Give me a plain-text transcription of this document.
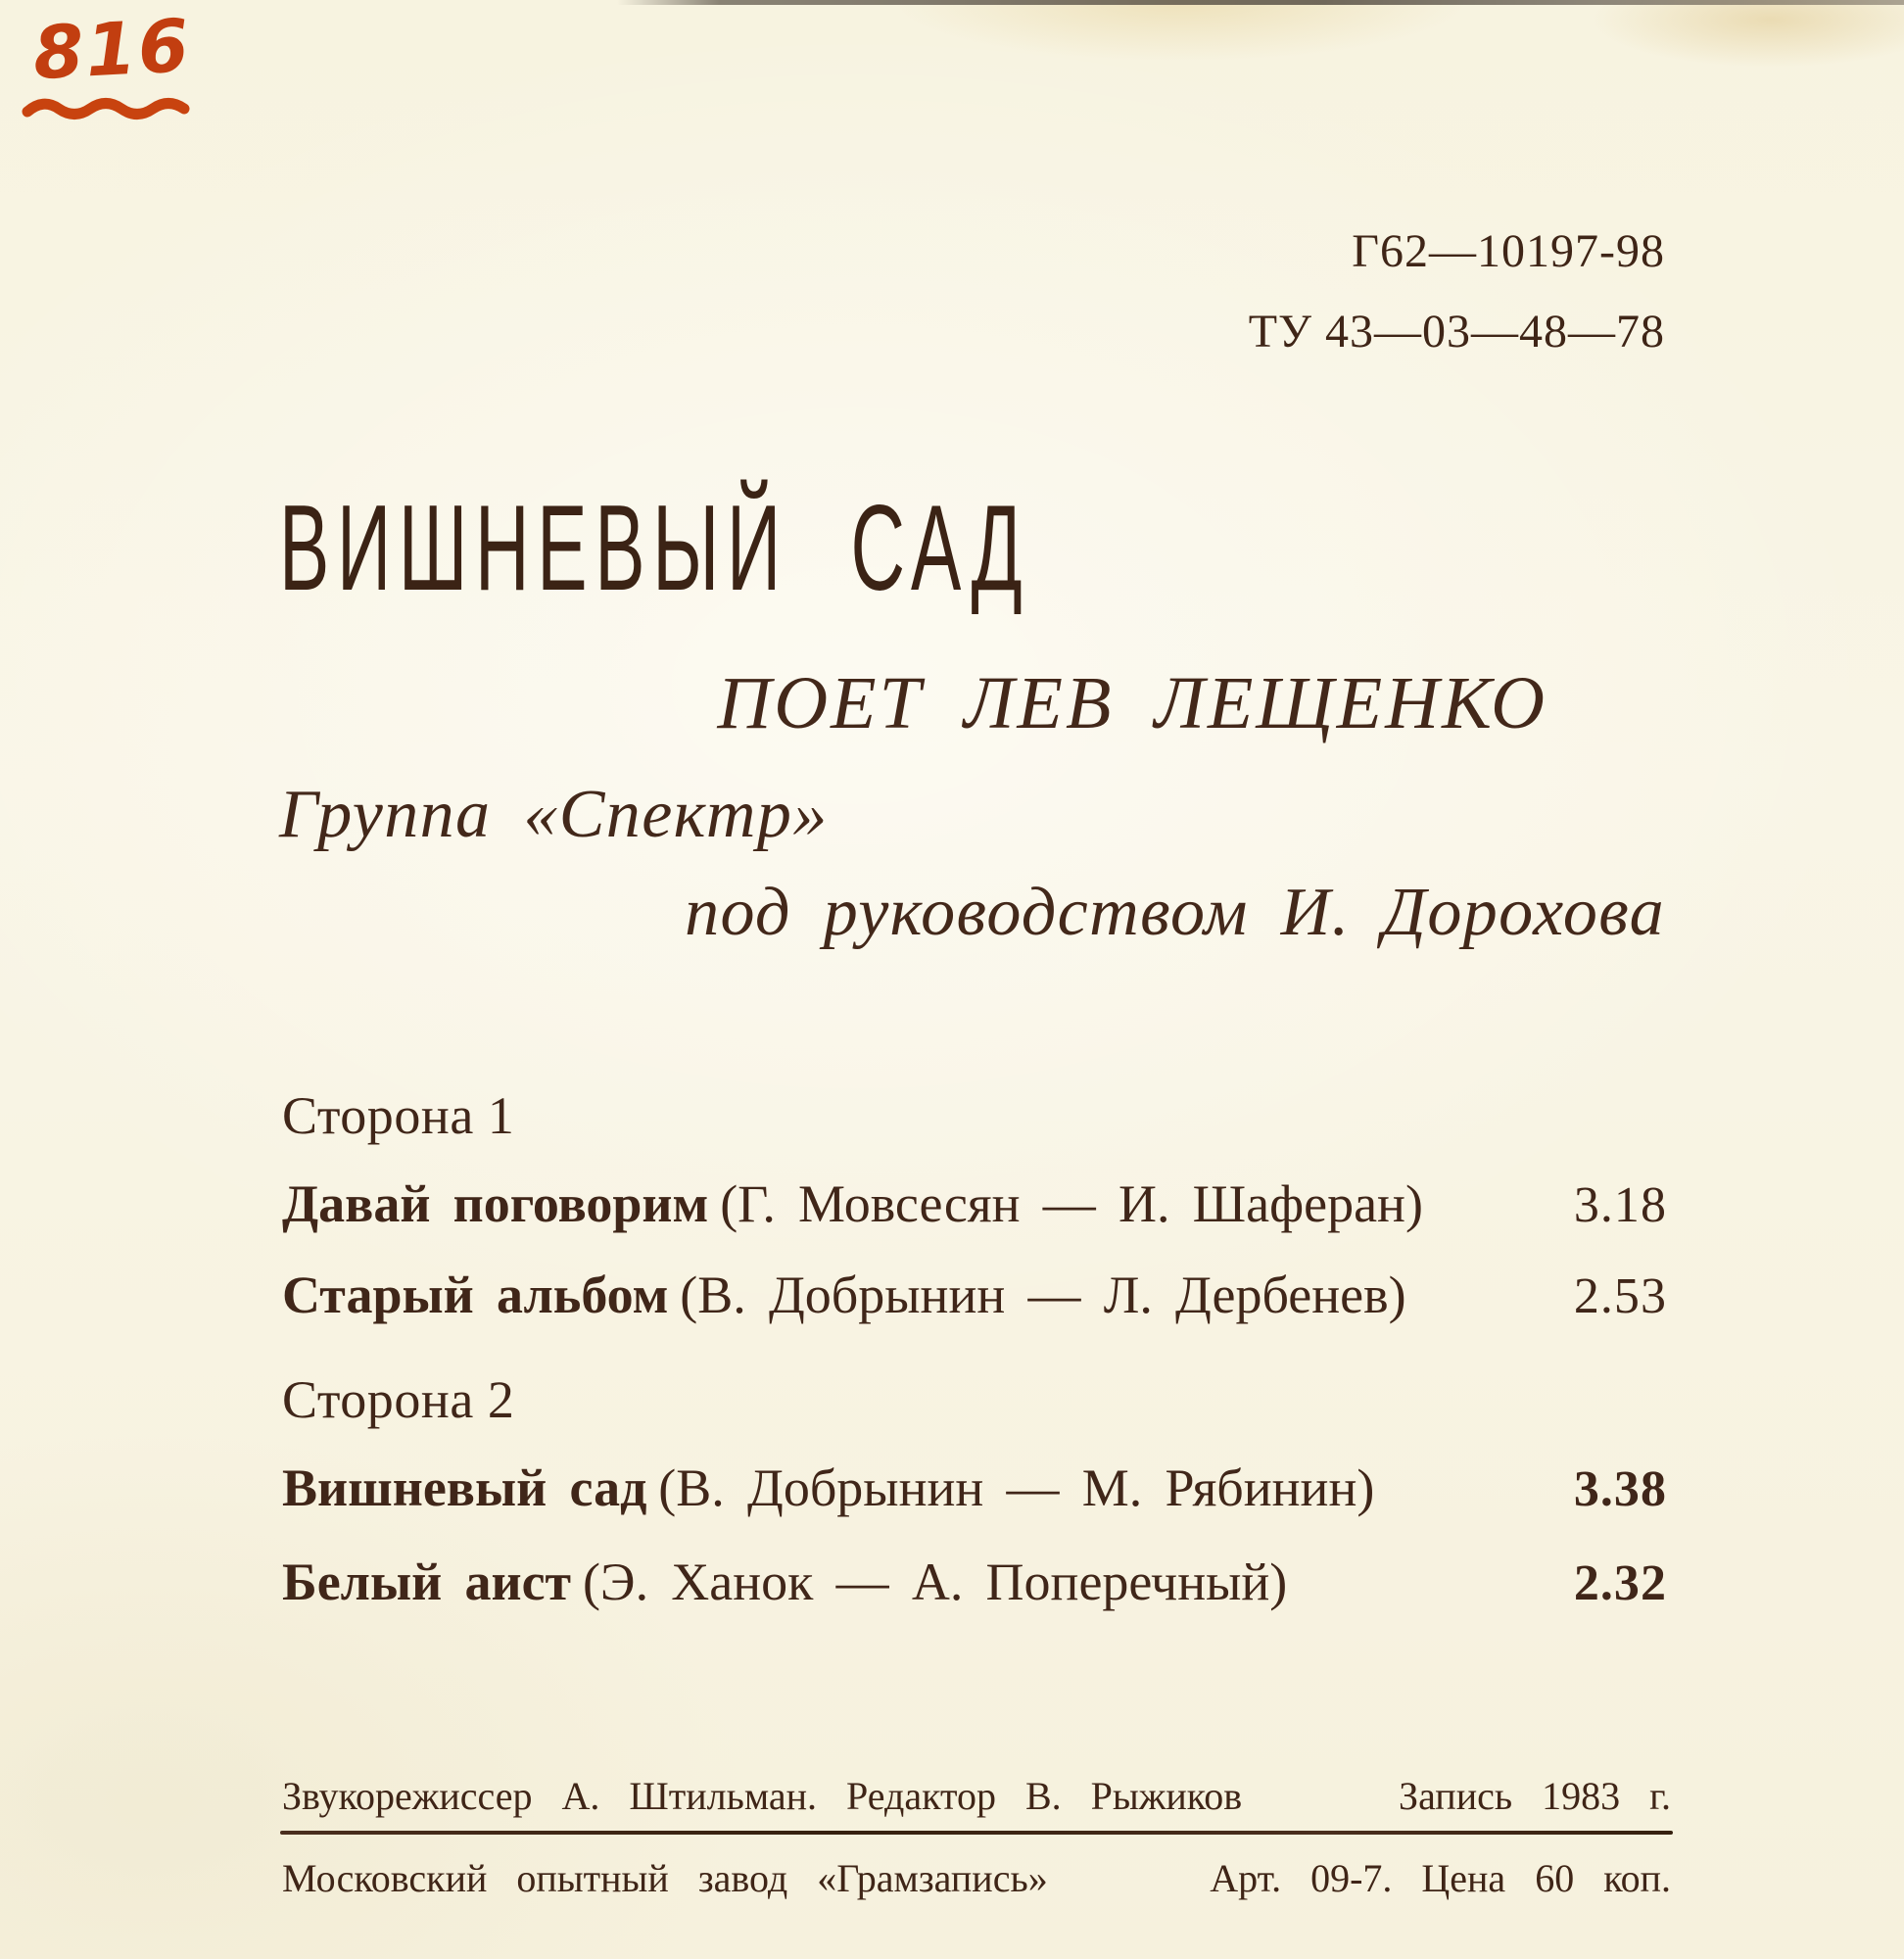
816
Г62—10197-98
ТУ 43—03—48—78
ВИШНЕВЫЙ САД
ПОЕТ ЛЕВ ЛЕЩЕНКО
Группа «Спектр»
под руководством И. Дорохова
Сторона 1
Давай поговорим (Г. Мовсесян — И. Шаферан)	3.18
Старый альбом (В. Добрынин — Л. Дербенев)	2.53
Сторона 2
Вишневый сад (В. Добрынин — М. Рябинин)	3.38
Белый аист (Э. Ханок — А. Поперечный)	2.32
Звукорежиссер А. Штильман. Редактор В. Рыжиков	Запись 1983 г.
Московский опытный завод «Грамзапись»	Арт. 09-7. Цена 60 коп.
